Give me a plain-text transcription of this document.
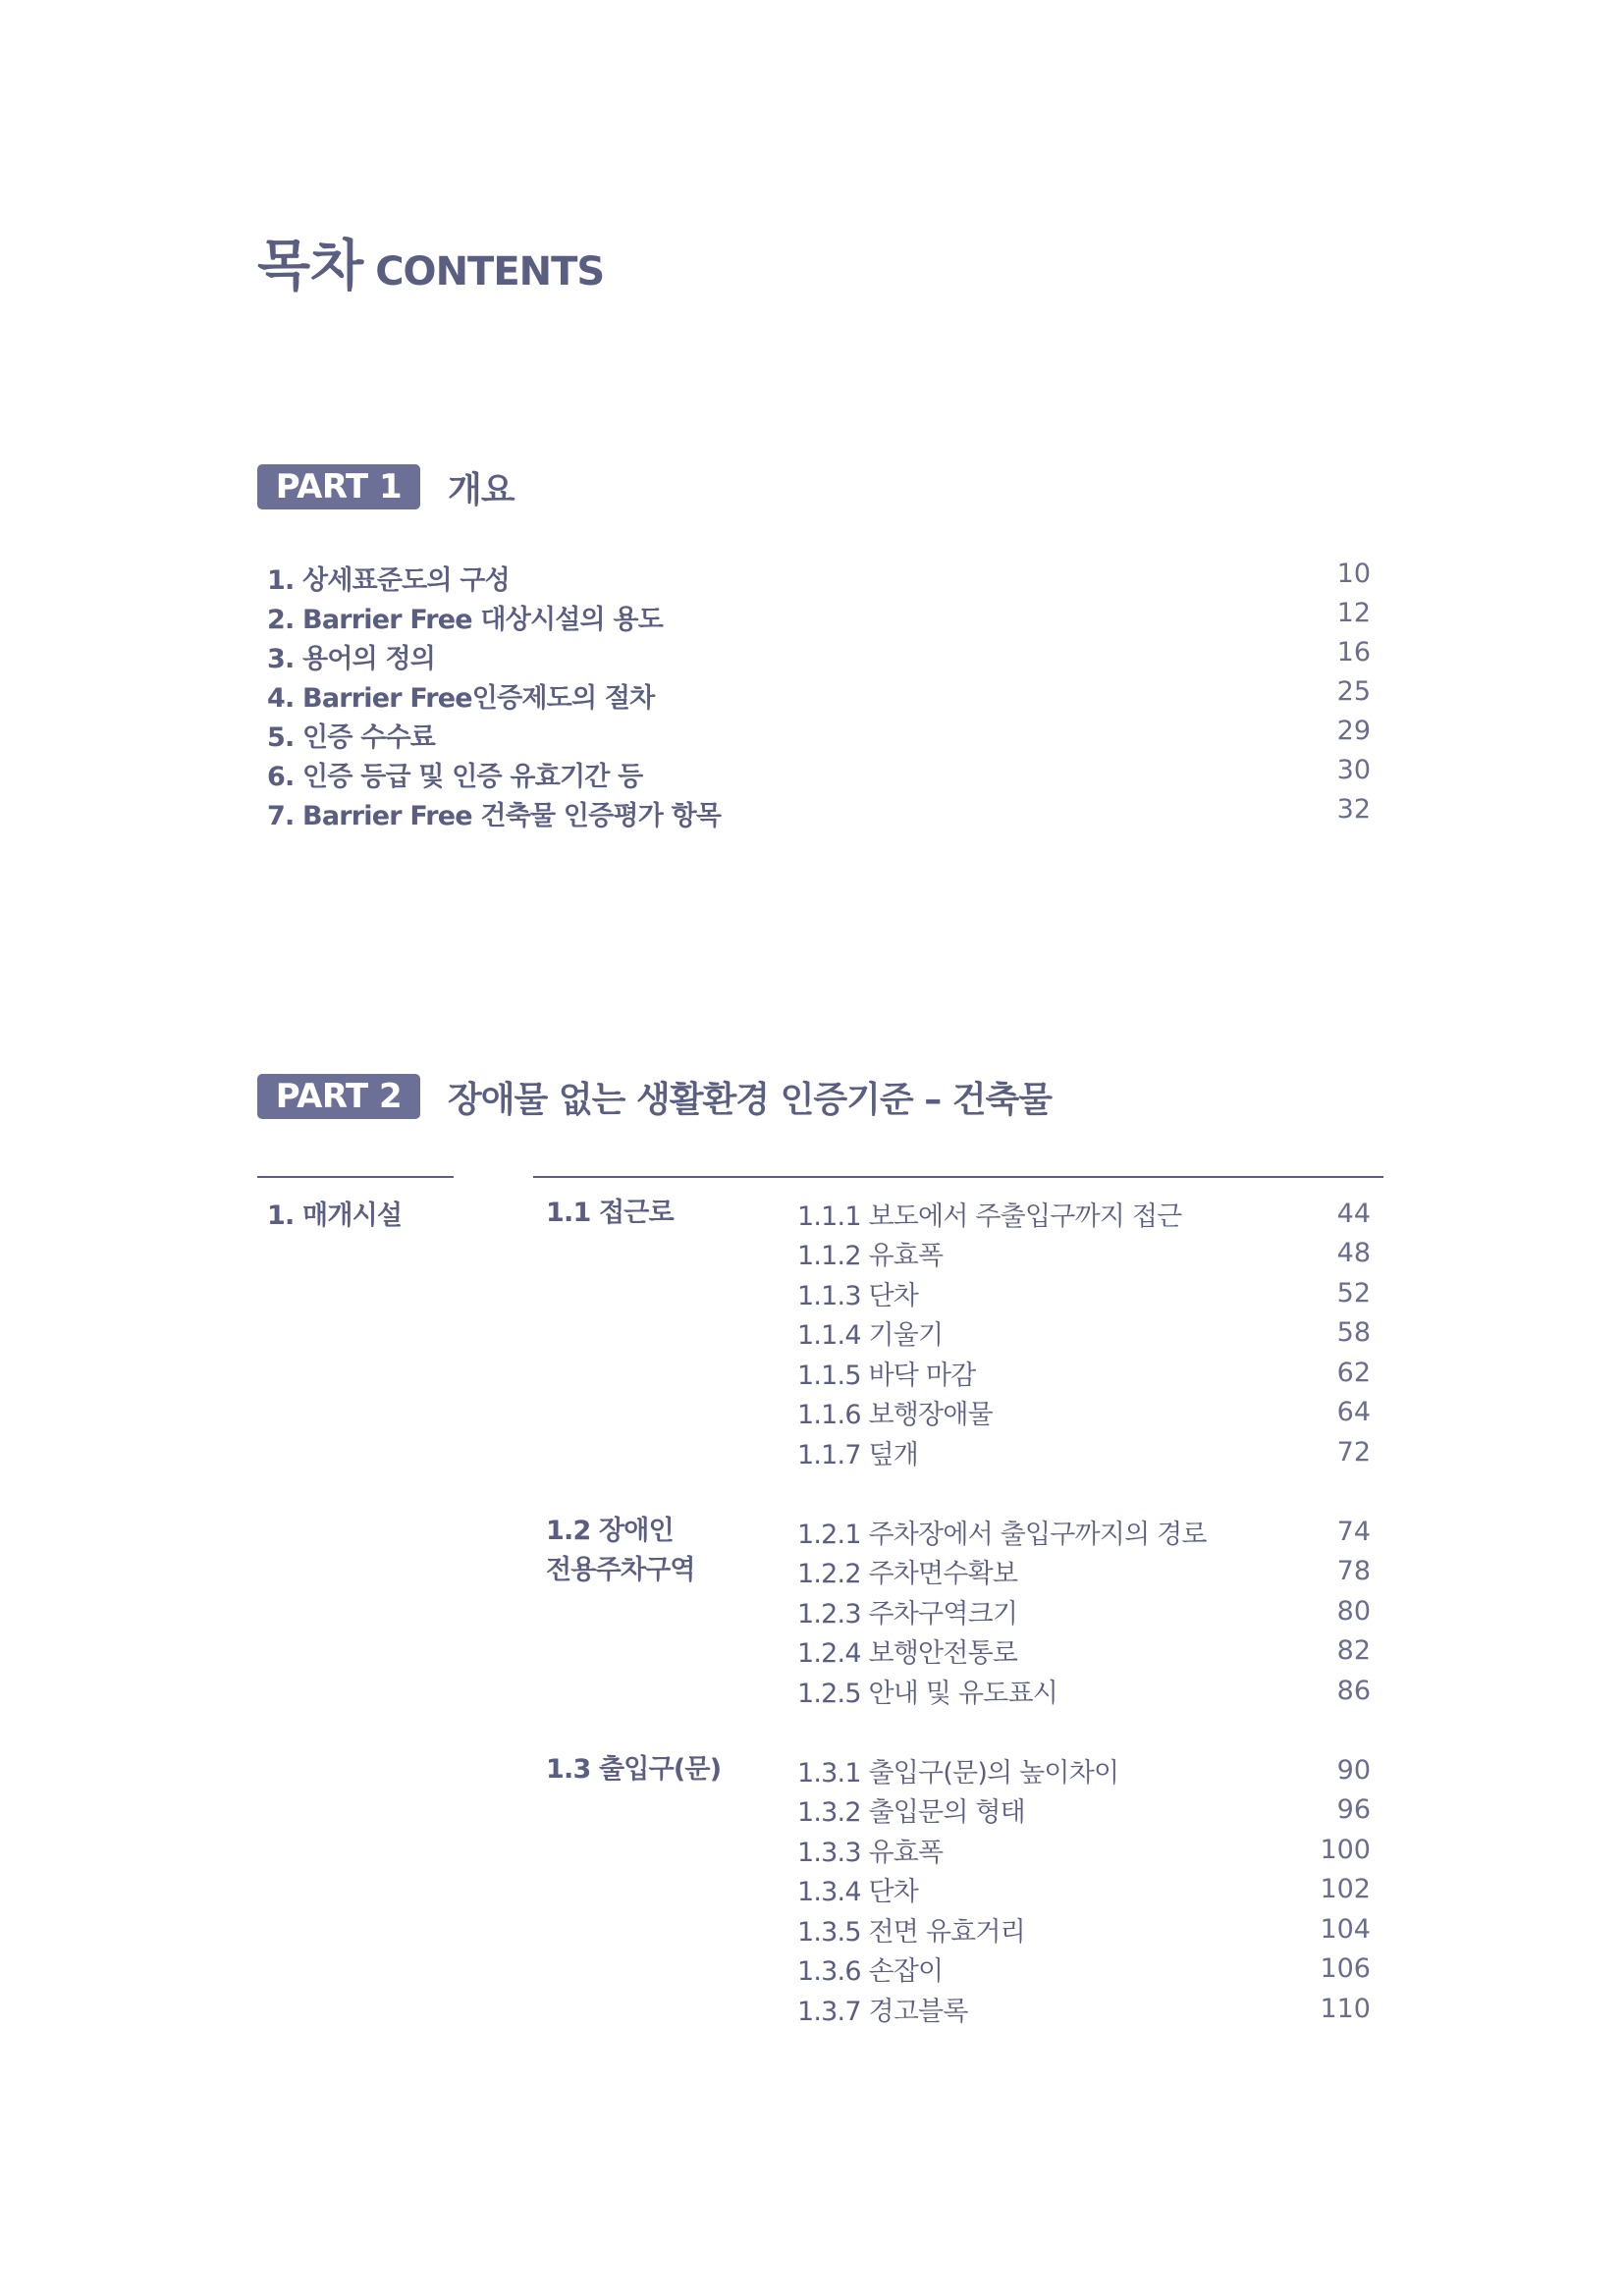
목차 CONTENTS
PART 1	개요
1. 상세표준도의 구성	10
2. Barrier Free 대상시설의 용도	12
3. 용어의 정의	16
4. Barrier Free인증제도의 절차	25
5. 인증 수수료	29
6. 인증 등급 및 인증 유효기간 등	30
7. Barrier Free 건축물 인증평가 항목	32
PART 2	장애물 없는 생활환경 인증기준 – 건축물
1. 매개시설	1.1 접근로	1.1.1 보도에서 주출입구까지 접근	44
1.1.2 유효폭	48
1.1.3 단차	52
1.1.4 기울기	58
1.1.5 바닥 마감	62
1.1.6 보행장애물	64
1.1.7 덮개	72
1.2 장애인
전용주차구역
1.2.1 주차장에서 출입구까지의 경로	74
1.2.2 주차면수확보	78
1.2.3 주차구역크기	80
1.2.4 보행안전통로	82
1.2.5 안내 및 유도표시	86
1.3 출입구(문)	1.3.1 출입구(문)의 높이차이	90
1.3.2 출입문의 형태	96
1.3.3 유효폭	100
1.3.4 단차	102
1.3.5 전면 유효거리	104
1.3.6 손잡이	106
1.3.7 경고블록	110
